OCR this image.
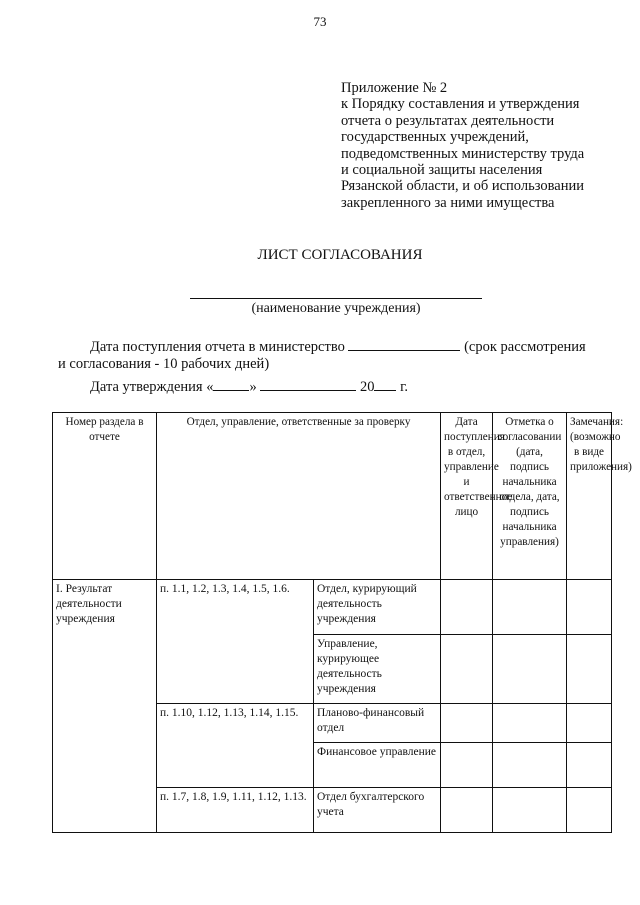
73
Приложение № 2
к Порядку составления и утверждения
отчета о результатах деятельности
государственных учреждений,
подведомственных министерству труда
и социальной защиты населения
Рязанской области, и об использовании
закрепленного за ними имущества
ЛИСТ СОГЛАСОВАНИЯ
(наименование учреждения)
Дата поступления отчета в министерство	(срок рассмотрения
и согласования - 10 рабочих дней)
Дата утверждения « »	20 г.
Номер раздела в отчете	Отдел, управление, ответственные за проверку		Дата поступления в отдел, управление и ответственное лицо	Отметка о согласовании (дата, подпись начальника отдела, дата, подпись начальника управления)	Замечания: (возможно в виде приложения)
I. Результат деятельности учреждения	п. 1.1, 1.2, 1.3, 1.4, 1.5, 1.6.	Отдел, курирующий деятельность учреждения			
		Управление, курирующее деятельность учреждения			
	п. 1.10, 1.12, 1.13, 1.14, 1.15.	Планово-финансовый отдел			
		Финансовое управление			
	п. 1.7, 1.8, 1.9, 1.11, 1.12, 1.13.	Отдел бухгалтерского учета			
